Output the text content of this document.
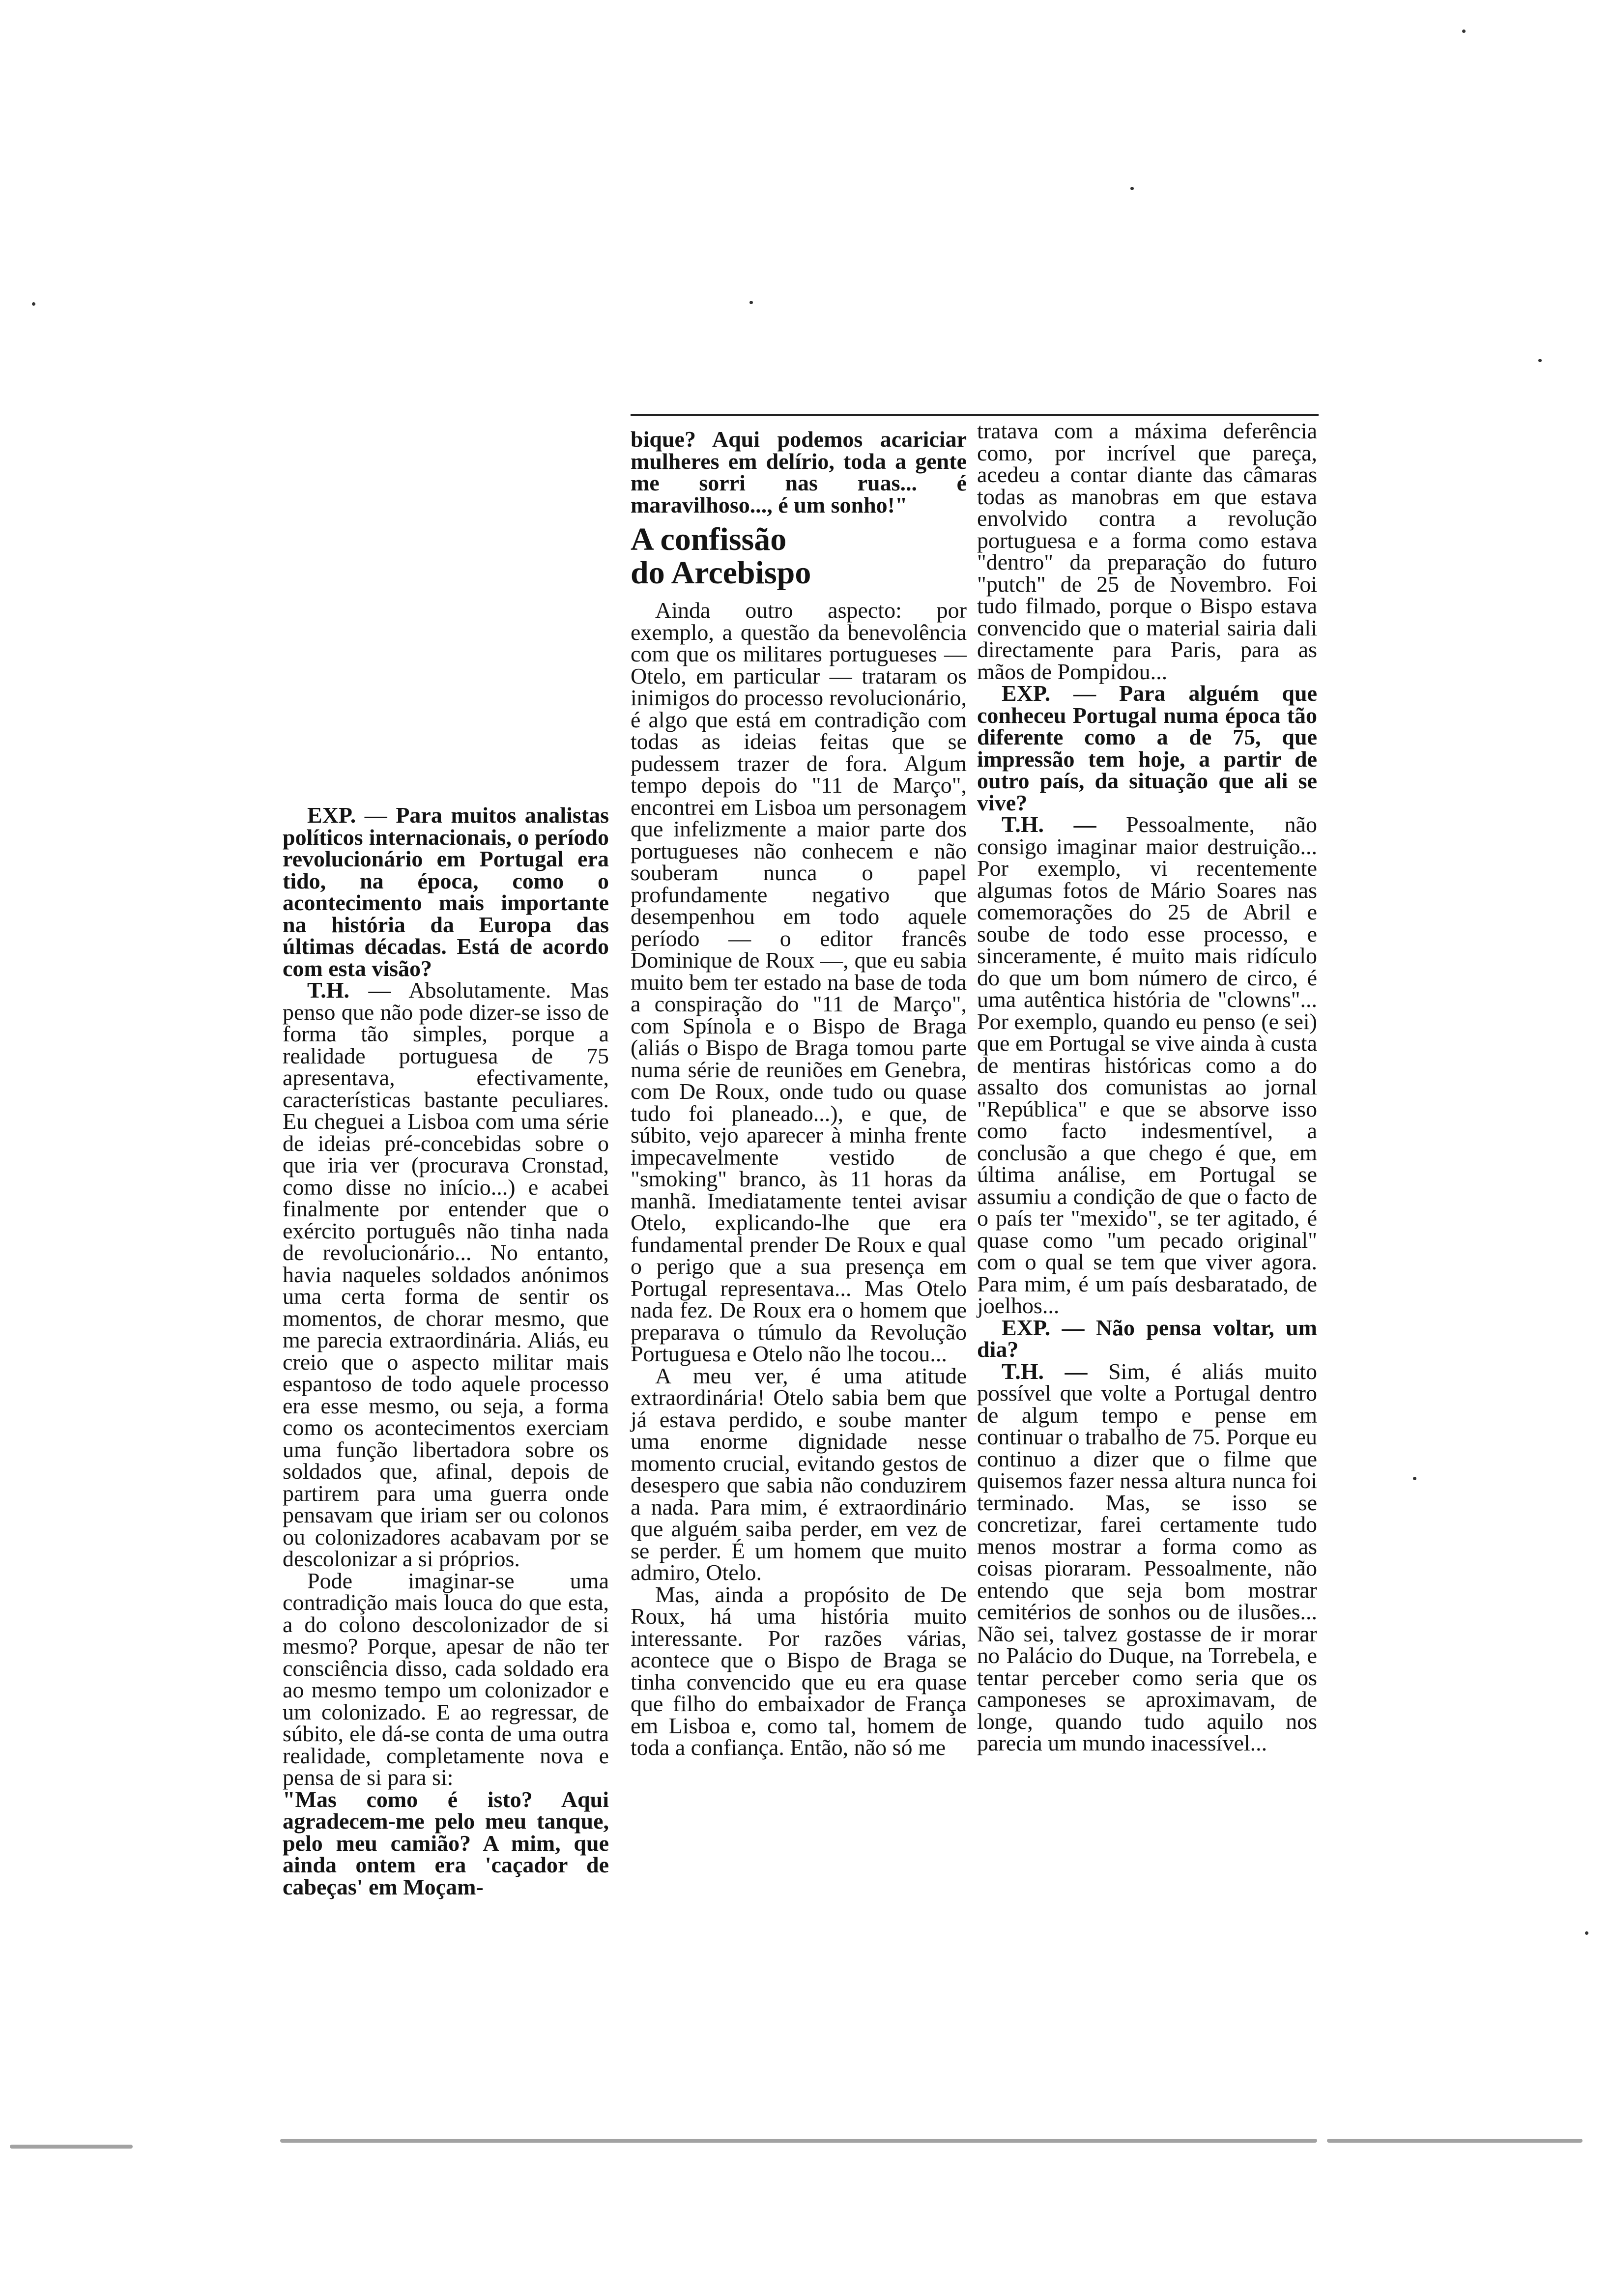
EXP. — Para muitos analistas políticos internacionais, o período revolucionário em Portugal era tido, na época, como o acontecimento mais importante na história da Europa das últimas décadas. Está de acordo com esta visão?

T.H. — Absolutamente. Mas penso que não pode dizer-se isso de forma tão simples, porque a realidade portuguesa de 75 apresentava, efectivamente, características bastante peculiares. Eu cheguei a Lisboa com uma série de ideias pré-concebidas sobre o que iria ver (procurava Cronstad, como disse no início...) e acabei finalmente por entender que o exército português não tinha nada de revolucionário... No entanto, havia naqueles soldados anónimos uma certa forma de sentir os momentos, de chorar mesmo, que me parecia extraordinária. Aliás, eu creio que o aspecto militar mais espantoso de todo aquele processo era esse mesmo, ou seja, a forma como os acontecimentos exerciam uma função libertadora sobre os soldados que, afinal, depois de partirem para uma guerra onde pensavam que iriam ser ou colonos ou colonizadores acabavam por se descolonizar a si próprios.

Pode imaginar-se uma contradição mais louca do que esta, a do colono descolonizador de si mesmo? Porque, apesar de não ter consciência disso, cada soldado era ao mesmo tempo um colonizador e um colonizado. E ao regressar, de súbito, ele dá-se conta de uma outra realidade, completamente nova e pensa de si para si:

"Mas como é isto? Aqui agradecem-me pelo meu tanque, pelo meu camião? A mim, que ainda ontem era 'caçador de cabeças' em Moçam-

bique? Aqui podemos acariciar mulheres em delírio, toda a gente me sorri nas ruas... é maravilhoso..., é um sonho!"

A confissão
do Arcebispo

Ainda outro aspecto: por exemplo, a questão da benevolência com que os militares portugueses — Otelo, em particular — trataram os inimigos do processo revolucionário, é algo que está em contradição com todas as ideias feitas que se pudessem trazer de fora. Algum tempo depois do "11 de Março", encontrei em Lisboa um personagem que infelizmente a maior parte dos portugueses não conhecem e não souberam nunca o papel profundamente negativo que desempenhou em todo aquele período — o editor francês Dominique de Roux —, que eu sabia muito bem ter estado na base de toda a conspiração do "11 de Março", com Spínola e o Bispo de Braga (aliás o Bispo de Braga tomou parte numa série de reuniões em Genebra, com De Roux, onde tudo ou quase tudo foi planeado...), e que, de súbito, vejo aparecer à minha frente impecavelmente vestido de "smoking" branco, às 11 horas da manhã. Imediatamente tentei avisar Otelo, explicando-lhe que era fundamental prender De Roux e qual o perigo que a sua presença em Portugal representava... Mas Otelo nada fez. De Roux era o homem que preparava o túmulo da Revolução Portuguesa e Otelo não lhe tocou...

A meu ver, é uma atitude extraordinária! Otelo sabia bem que já estava perdido, e soube manter uma enorme dignidade nesse momento crucial, evitando gestos de desespero que sabia não conduzirem a nada. Para mim, é extraordinário que alguém saiba perder, em vez de se perder. É um homem que muito admiro, Otelo.

Mas, ainda a propósito de De Roux, há uma história muito interessante. Por razões várias, acontece que o Bispo de Braga se tinha convencido que eu era quase que filho do embaixador de França em Lisboa e, como tal, homem de toda a confiança. Então, não só me

tratava com a máxima deferência como, por incrível que pareça, acedeu a contar diante das câmaras todas as manobras em que estava envolvido contra a revolução portuguesa e a forma como estava "dentro" da preparação do futuro "putch" de 25 de Novembro. Foi tudo filmado, porque o Bispo estava convencido que o material sairia dali directamente para Paris, para as mãos de Pompidou...

EXP. — Para alguém que conheceu Portugal numa época tão diferente como a de 75, que impressão tem hoje, a partir de outro país, da situação que ali se vive?

T.H. — Pessoalmente, não consigo imaginar maior destruição... Por exemplo, vi recentemente algumas fotos de Mário Soares nas comemorações do 25 de Abril e soube de todo esse processo, e sinceramente, é muito mais ridículo do que um bom número de circo, é uma autêntica história de "clowns"... Por exemplo, quando eu penso (e sei) que em Portugal se vive ainda à custa de mentiras históricas como a do assalto dos comunistas ao jornal "República" e que se absorve isso como facto indesmentível, a conclusão a que chego é que, em última análise, em Portugal se assumiu a condição de que o facto de o país ter "mexido", se ter agitado, é quase como "um pecado original" com o qual se tem que viver agora. Para mim, é um país desbaratado, de joelhos...

EXP. — Não pensa voltar, um dia?

T.H. — Sim, é aliás muito possível que volte a Portugal dentro de algum tempo e pense em continuar o trabalho de 75. Porque eu continuo a dizer que o filme que quisemos fazer nessa altura nunca foi terminado. Mas, se isso se concretizar, farei certamente tudo menos mostrar a forma como as coisas pioraram. Pessoalmente, não entendo que seja bom mostrar cemitérios de sonhos ou de ilusões... Não sei, talvez gostasse de ir morar no Palácio do Duque, na Torrebela, e tentar perceber como seria que os camponeses se aproximavam, de longe, quando tudo aquilo nos parecia um mundo inacessível...
